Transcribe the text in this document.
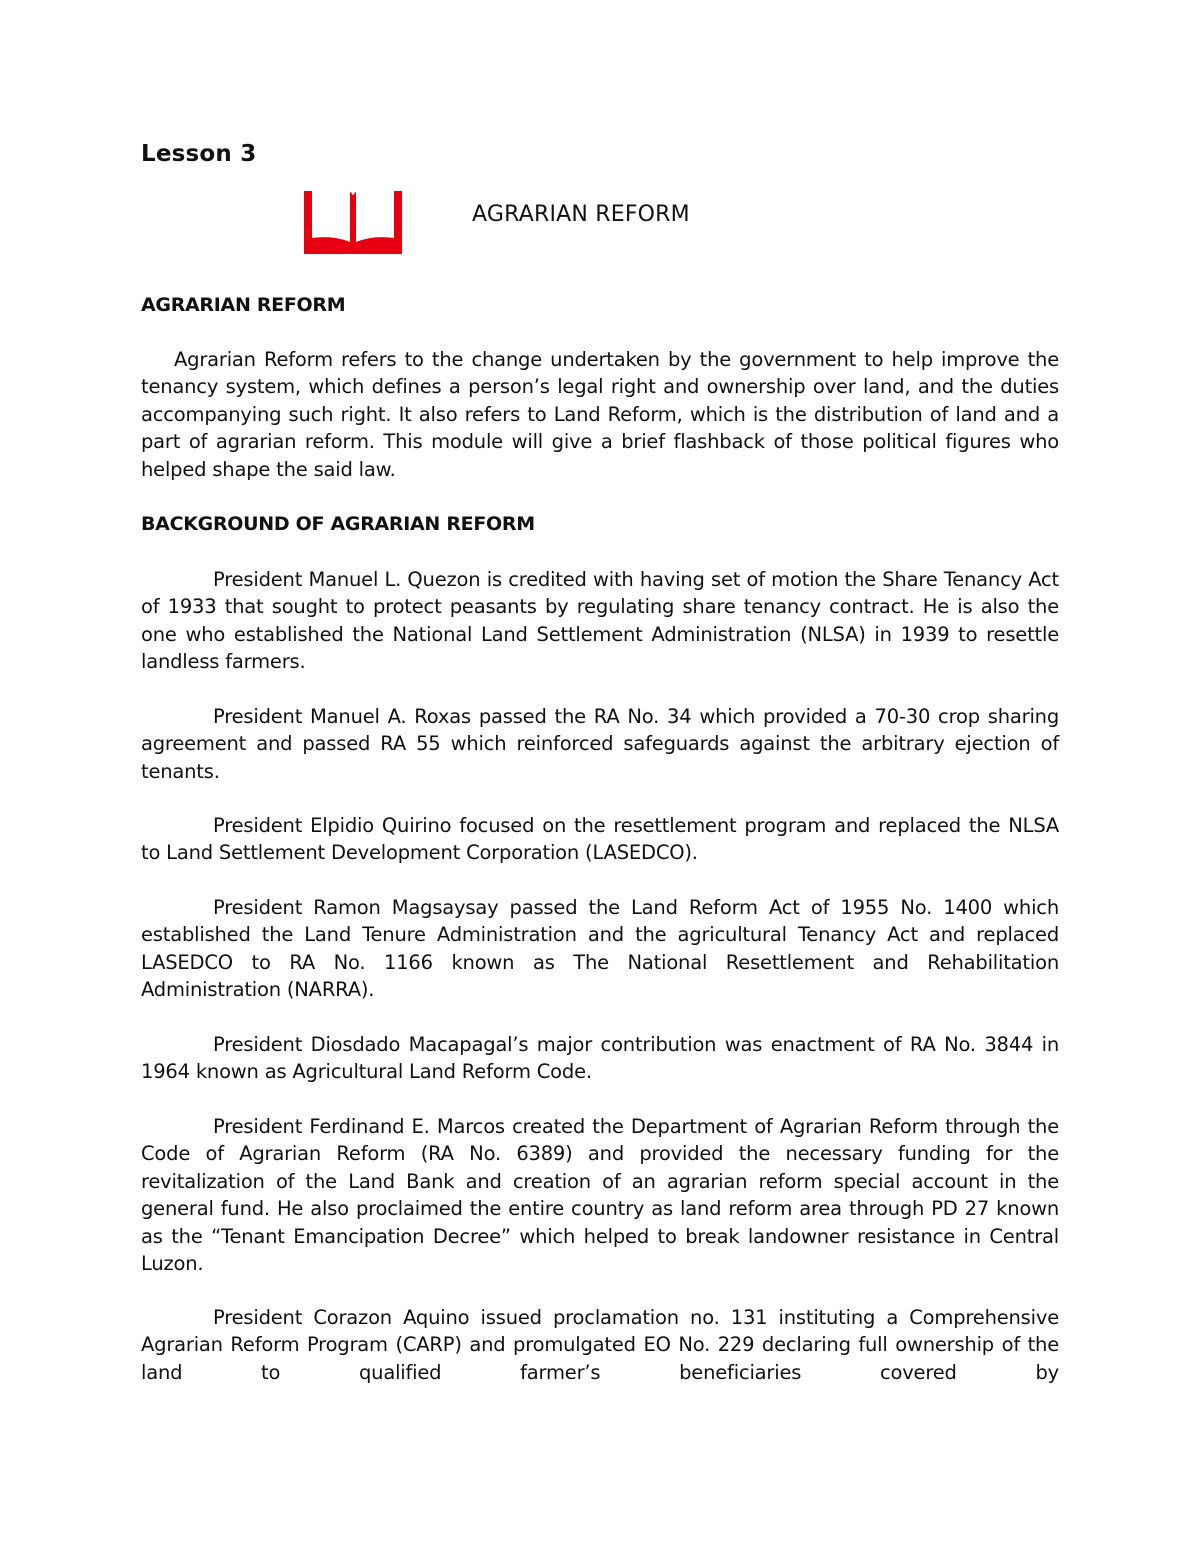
Lesson 3
AGRARIAN REFORM
AGRARIAN REFORM

Agrarian Reform refers to the change undertaken by the government to help improve the tenancy system, which defines a person’s legal right and ownership over land, and the duties accompanying such right. It also refers to Land Reform, which is the distribution of land and a part of agrarian reform. This module will give a brief flashback of those political figures who helped shape the said law.

BACKGROUND OF AGRARIAN REFORM

President Manuel L. Quezon is credited with having set of motion the Share Tenancy Act of 1933 that sought to protect peasants by regulating share tenancy contract. He is also the one who established the National Land Settlement Administration (NLSA) in 1939 to resettle landless farmers.

President Manuel A. Roxas passed the RA No. 34 which provided a 70-30 crop sharing agreement and passed RA 55 which reinforced safeguards against the arbitrary ejection of tenants.

President Elpidio Quirino focused on the resettlement program and replaced the NLSA to Land Settlement Development Corporation (LASEDCO).

President Ramon Magsaysay passed the Land Reform Act of 1955 No. 1400 which established the Land Tenure Administration and the agricultural Tenancy Act and replaced LASEDCO to RA No. 1166 known as The National Resettlement and Rehabilitation Administration (NARRA).

President Diosdado Macapagal’s major contribution was enactment of RA No. 3844 in 1964 known as Agricultural Land Reform Code.

President Ferdinand E. Marcos created the Department of Agrarian Reform through the Code of Agrarian Reform (RA No. 6389) and provided the necessary funding for the revitalization of the Land Bank and creation of an agrarian reform special account in the general fund. He also proclaimed the entire country as land reform area through PD 27 known as the “Tenant Emancipation Decree” which helped to break landowner resistance in Central Luzon.

President Corazon Aquino issued proclamation no. 131 instituting a Comprehensive Agrarian Reform Program (CARP) and promulgated EO No. 229 declaring full ownership of the land to qualified farmer’s beneficiaries covered by
